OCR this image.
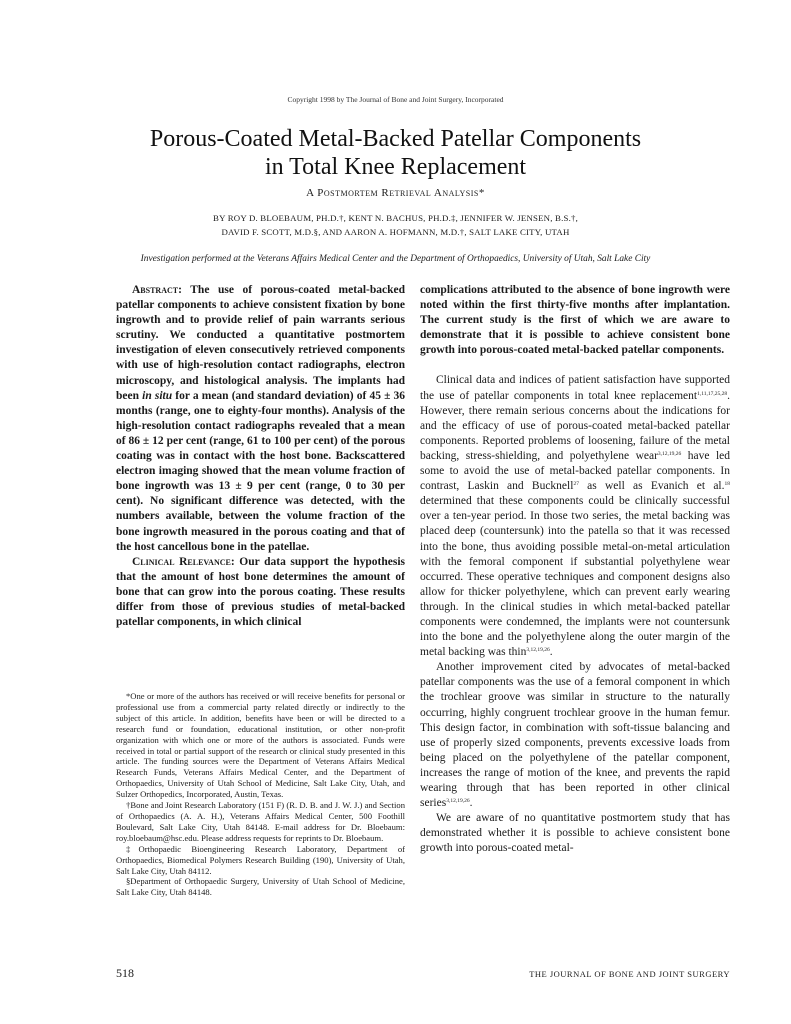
Copyright 1998 by The Journal of Bone and Joint Surgery, Incorporated
Porous-Coated Metal-Backed Patellar Components
in Total Knee Replacement
A Postmortem Retrieval Analysis*
BY ROY D. BLOEBAUM, PH.D.†, KENT N. BACHUS, PH.D.‡, JENNIFER W. JENSEN, B.S.†,
DAVID F. SCOTT, M.D.§, AND AARON A. HOFMANN, M.D.†, SALT LAKE CITY, UTAH
Investigation performed at the Veterans Affairs Medical Center and the Department of Orthopaedics, University of Utah, Salt Lake City

Abstract: The use of porous-coated metal-backed patellar components to achieve consistent fixation by bone ingrowth and to provide relief of pain warrants serious scrutiny. We conducted a quantitative postmortem investigation of eleven consecutively retrieved components with use of high-resolution contact radiographs, electron microscopy, and histological analysis. The implants had been in situ for a mean (and standard deviation) of 45 ± 36 months (range, one to eighty-four months). Analysis of the high-resolution contact radiographs revealed that a mean of 86 ± 12 per cent (range, 61 to 100 per cent) of the porous coating was in contact with the host bone. Backscattered electron imaging showed that the mean volume fraction of bone ingrowth was 13 ± 9 per cent (range, 0 to 30 per cent). No significant difference was detected, with the numbers available, between the volume fraction of the bone ingrowth measured in the porous coating and that of the host cancellous bone in the patellae.

Clinical Relevance: Our data support the hypothesis that the amount of host bone determines the amount of bone that can grow into the porous coating. These results differ from those of previous studies of metal-backed patellar components, in which clinical

*One or more of the authors has received or will receive benefits for personal or professional use from a commercial party related directly or indirectly to the subject of this article. In addition, benefits have been or will be directed to a research fund or foundation, educational institution, or other non-profit organization with which one or more of the authors is associated. Funds were received in total or partial support of the research or clinical study presented in this article. The funding sources were the Department of Veterans Affairs Medical Research Funds, Veterans Affairs Medical Center, and the Department of Orthopaedics, University of Utah School of Medicine, Salt Lake City, Utah, and Sulzer Orthopedics, Incorporated, Austin, Texas.

†Bone and Joint Research Laboratory (151 F) (R. D. B. and J. W. J.) and Section of Orthopaedics (A. A. H.), Veterans Affairs Medical Center, 500 Foothill Boulevard, Salt Lake City, Utah 84148. E-mail address for Dr. Bloebaum: roy.bloebaum@hsc.edu. Please address requests for reprints to Dr. Bloebaum.

‡Orthopaedic Bioengineering Research Laboratory, Department of Orthopaedics, Biomedical Polymers Research Building (190), University of Utah, Salt Lake City, Utah 84112.

§Department of Orthopaedic Surgery, University of Utah School of Medicine, Salt Lake City, Utah 84148.

complications attributed to the absence of bone ingrowth were noted within the first thirty-five months after implantation. The current study is the first of which we are aware to demonstrate that it is possible to achieve consistent bone growth into porous-coated metal-backed patellar components.

Clinical data and indices of patient satisfaction have supported the use of patellar components in total knee replacement$^{1,11,17,25,28}$. However, there remain serious concerns about the indications for and the efficacy of use of porous-coated metal-backed patellar components. Reported problems of loosening, failure of the metal backing, stress-shielding, and polyethylene wear$^{3,12,19,26}$ have led some to avoid the use of metal-backed patellar components. In contrast, Laskin and Bucknell$^{27}$ as well as Evanich et al.$^{18}$ determined that these components could be clinically successful over a ten-year period. In those two series, the metal backing was placed deep (countersunk) into the patella so that it was recessed into the bone, thus avoiding possible metal-on-metal articulation with the femoral component if substantial polyethylene wear occurred. These operative techniques and component designs also allow for thicker polyethylene, which can prevent early wearing through. In the clinical studies in which metal-backed patellar components were condemned, the implants were not countersunk into the bone and the polyethylene along the outer margin of the metal backing was thin$^{3,12,19,26}$.

Another improvement cited by advocates of metal-backed patellar components was the use of a femoral component in which the trochlear groove was similar in structure to the naturally occurring, highly congruent trochlear groove in the human femur. This design factor, in combination with soft-tissue balancing and use of properly sized components, prevents excessive loads from being placed on the polyethylene of the patellar component, increases the range of motion of the knee, and prevents the rapid wearing through that has been reported in other clinical series$^{3,12,19,26}$.

We are aware of no quantitative postmortem study that has demonstrated whether it is possible to achieve consistent bone growth into porous-coated metal-

518	THE JOURNAL OF BONE AND JOINT SURGERY
